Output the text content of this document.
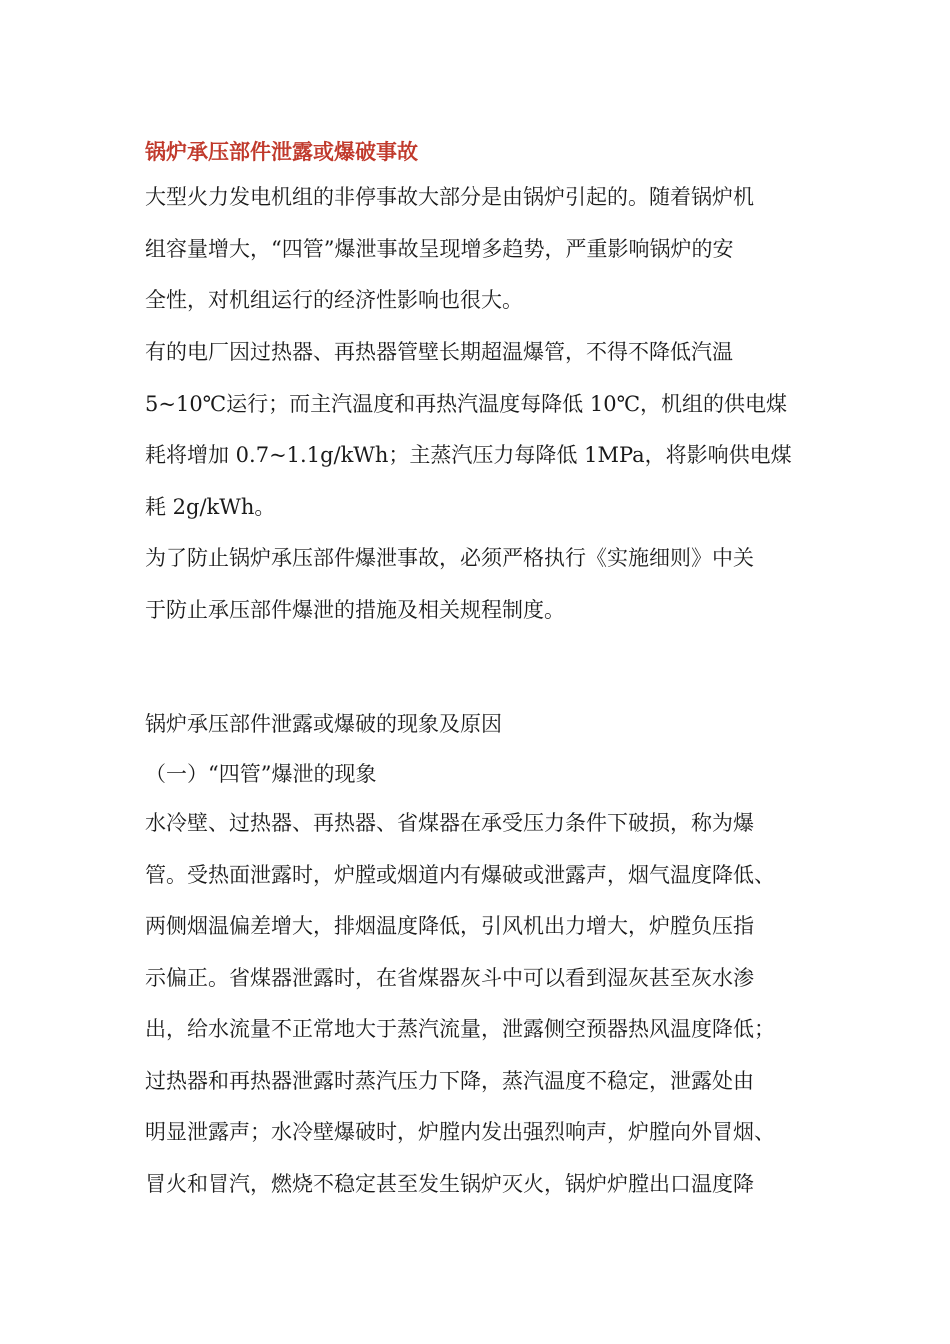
锅炉承压部件泄露或爆破事故

大型火力发电机组的非停事故大部分是由锅炉引起的。随着锅炉机
组容量增大，“四管”爆泄事故呈现增多趋势，严重影响锅炉的安
全性，对机组运行的经济性影响也很大。

有的电厂因过热器、再热器管壁长期超温爆管，不得不降低汽温
5~10℃运行；而主汽温度和再热汽温度每降低 10℃，机组的供电煤
耗将增加 0.7~1.1g/kWh；主蒸汽压力每降低 1MPa，将影响供电煤
耗 2g/kWh。

为了防止锅炉承压部件爆泄事故，必须严格执行《实施细则》中关
于防止承压部件爆泄的措施及相关规程制度。

锅炉承压部件泄露或爆破的现象及原因
（一）“四管”爆泄的现象

水冷壁、过热器、再热器、省煤器在承受压力条件下破损，称为爆
管。受热面泄露时，炉膛或烟道内有爆破或泄露声，烟气温度降低、
两侧烟温偏差增大，排烟温度降低，引风机出力增大，炉膛负压指
示偏正。省煤器泄露时，在省煤器灰斗中可以看到湿灰甚至灰水渗
出，给水流量不正常地大于蒸汽流量，泄露侧空预器热风温度降低；
过热器和再热器泄露时蒸汽压力下降，蒸汽温度不稳定，泄露处由
明显泄露声；水冷壁爆破时，炉膛内发出强烈响声，炉膛向外冒烟、
冒火和冒汽，燃烧不稳定甚至发生锅炉灭火，锅炉炉膛出口温度降
